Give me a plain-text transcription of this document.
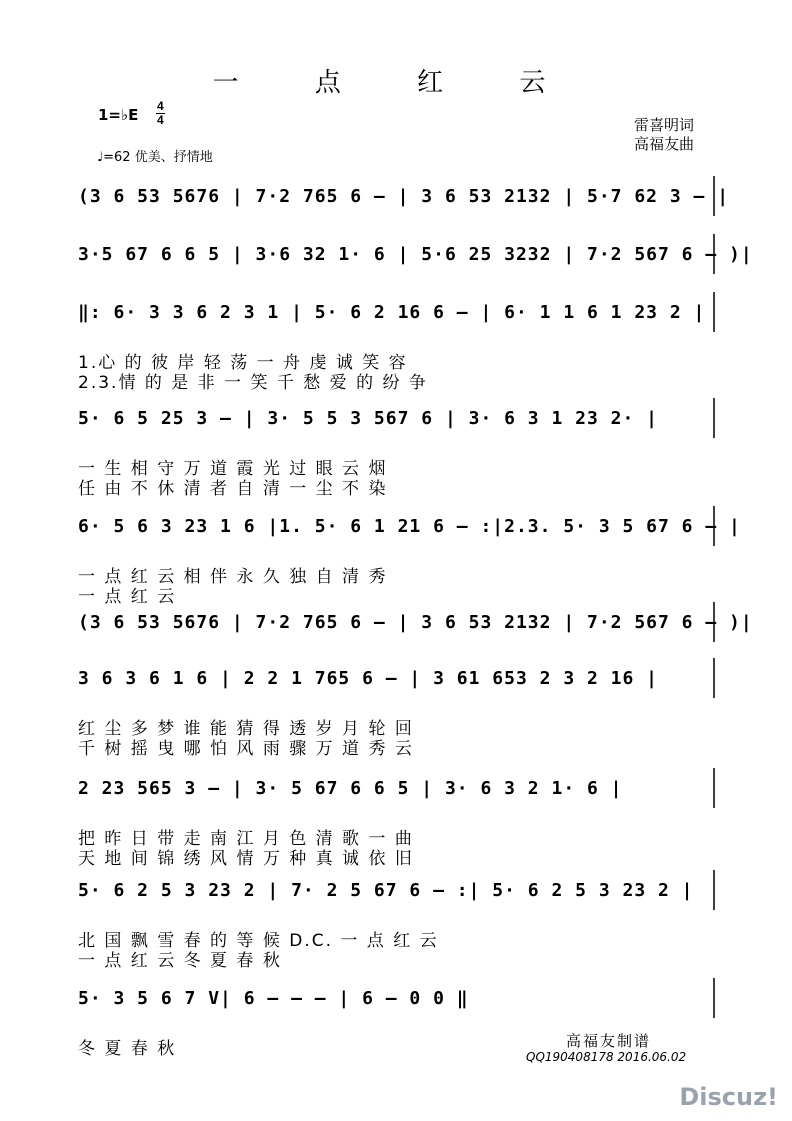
一 点 红 云
1=♭E 4
4
♩=62 优美、抒情地
雷喜明词
高福友曲
(3 6 53 5676 | 7·2 765 6 – | 3 6 53 2132 | 5·7 62 3 – |
3·5 67 6 6 5 | 3·6 32 1· 6 | 5·6 25 3232 | 7·2 567 6 – )|
‖: 6· 3 3 6 2 3 1 | 5· 6 2 16 6 – | 6· 1 1 6 1 23 2 |
1.心 的 彼 岸 轻 荡 一 舟 虔 诚 笑 容
2.3.情 的 是 非 一 笑 千 愁 爱 的 纷 争
5· 6 5 25 3 – | 3· 5 5 3 567 6 | 3· 6 3 1 23 2· |
一 生 相 守 万 道 霞 光 过 眼 云 烟
任 由 不 休 清 者 自 清 一 尘 不 染
6· 5 6 3 23 1 6 |1. 5· 6 1 21 6 – :|2.3. 5· 3 5 67 6 – |
一 点 红 云 相 伴 永 久 独 自 清 秀
一 点 红 云
(3 6 53 5676 | 7·2 765 6 – | 3 6 53 2132 | 7·2 567 6 – )|
3 6 3 6 1 6 | 2 2 1 765 6 – | 3 61 653 2 3 2 16 |
红 尘 多 梦 谁 能 猜 得 透 岁 月 轮 回
千 树 摇 曳 哪 怕 风 雨 骤 万 道 秀 云
2 23 565 3 – | 3· 5 67 6 6 5 | 3· 6 3 2 1· 6 |
把 昨 日 带 走 南 江 月 色 清 歌 一 曲
天 地 间 锦 绣 风 情 万 种 真 诚 依 旧
5· 6 2 5 3 23 2 | 7· 2 5 67 6 – :| 5· 6 2 5 3 23 2 |
北 国 飘 雪 春 的 等 候 D.C. 一 点 红 云
一 点 红 云 冬 夏 春 秋
5· 3 5 6 7 V| 6 – – – | 6 – 0 0 ‖
冬 夏 春 秋	高福友制谱
QQ190408178 2016.06.02
Discuz!
